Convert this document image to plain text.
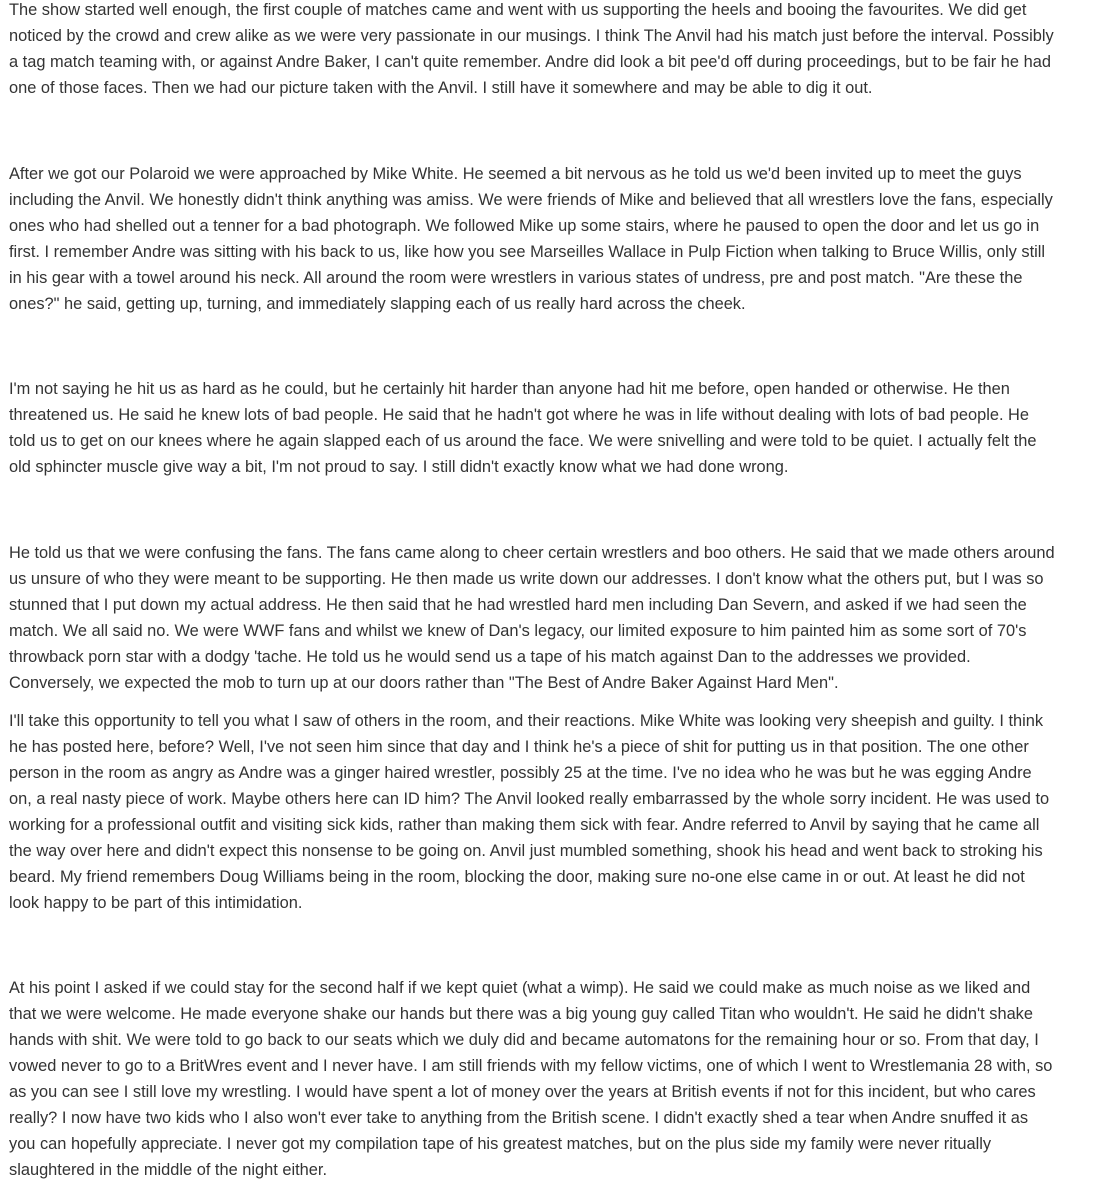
The show started well enough, the first couple of matches came and went with us supporting the heels and booing the favourites. We did get noticed by the crowd and crew alike as we were very passionate in our musings. I think The Anvil had his match just before the interval. Possibly a tag match teaming with, or against Andre Baker, I can't quite remember. Andre did look a bit pee'd off during proceedings, but to be fair he had one of those faces. Then we had our picture taken with the Anvil. I still have it somewhere and may be able to dig it out.

After we got our Polaroid we were approached by Mike White. He seemed a bit nervous as he told us we'd been invited up to meet the guys including the Anvil. We honestly didn't think anything was amiss. We were friends of Mike and believed that all wrestlers love the fans, especially ones who had shelled out a tenner for a bad photograph. We followed Mike up some stairs, where he paused to open the door and let us go in first. I remember Andre was sitting with his back to us, like how you see Marseilles Wallace in Pulp Fiction when talking to Bruce Willis, only still in his gear with a towel around his neck. All around the room were wrestlers in various states of undress, pre and post match. "Are these the ones?" he said, getting up, turning, and immediately slapping each of us really hard across the cheek.

I'm not saying he hit us as hard as he could, but he certainly hit harder than anyone had hit me before, open handed or otherwise. He then threatened us. He said he knew lots of bad people. He said that he hadn't got where he was in life without dealing with lots of bad people. He told us to get on our knees where he again slapped each of us around the face. We were snivelling and were told to be quiet. I actually felt the old sphincter muscle give way a bit, I'm not proud to say. I still didn't exactly know what we had done wrong.

He told us that we were confusing the fans. The fans came along to cheer certain wrestlers and boo others. He said that we made others around us unsure of who they were meant to be supporting. He then made us write down our addresses. I don't know what the others put, but I was so stunned that I put down my actual address. He then said that he had wrestled hard men including Dan Severn, and asked if we had seen the match. We all said no. We were WWF fans and whilst we knew of Dan's legacy, our limited exposure to him painted him as some sort of 70's throwback porn star with a dodgy 'tache. He told us he would send us a tape of his match against Dan to the addresses we provided. Conversely, we expected the mob to turn up at our doors rather than "The Best of Andre Baker Against Hard Men".

I'll take this opportunity to tell you what I saw of others in the room, and their reactions. Mike White was looking very sheepish and guilty. I think he has posted here, before? Well, I've not seen him since that day and I think he's a piece of shit for putting us in that position. The one other person in the room as angry as Andre was a ginger haired wrestler, possibly 25 at the time. I've no idea who he was but he was egging Andre on, a real nasty piece of work. Maybe others here can ID him? The Anvil looked really embarrassed by the whole sorry incident. He was used to working for a professional outfit and visiting sick kids, rather than making them sick with fear. Andre referred to Anvil by saying that he came all the way over here and didn't expect this nonsense to be going on. Anvil just mumbled something, shook his head and went back to stroking his beard. My friend remembers Doug Williams being in the room, blocking the door, making sure no-one else came in or out. At least he did not look happy to be part of this intimidation.

At his point I asked if we could stay for the second half if we kept quiet (what a wimp). He said we could make as much noise as we liked and that we were welcome. He made everyone shake our hands but there was a big young guy called Titan who wouldn't. He said he didn't shake hands with shit. We were told to go back to our seats which we duly did and became automatons for the remaining hour or so. From that day, I vowed never to go to a BritWres event and I never have. I am still friends with my fellow victims, one of which I went to Wrestlemania 28 with, so as you can see I still love my wrestling. I would have spent a lot of money over the years at British events if not for this incident, but who cares really? I now have two kids who I also won't ever take to anything from the British scene. I didn't exactly shed a tear when Andre snuffed it as you can hopefully appreciate. I never got my compilation tape of his greatest matches, but on the plus side my family were never ritually slaughtered in the middle of the night either.
